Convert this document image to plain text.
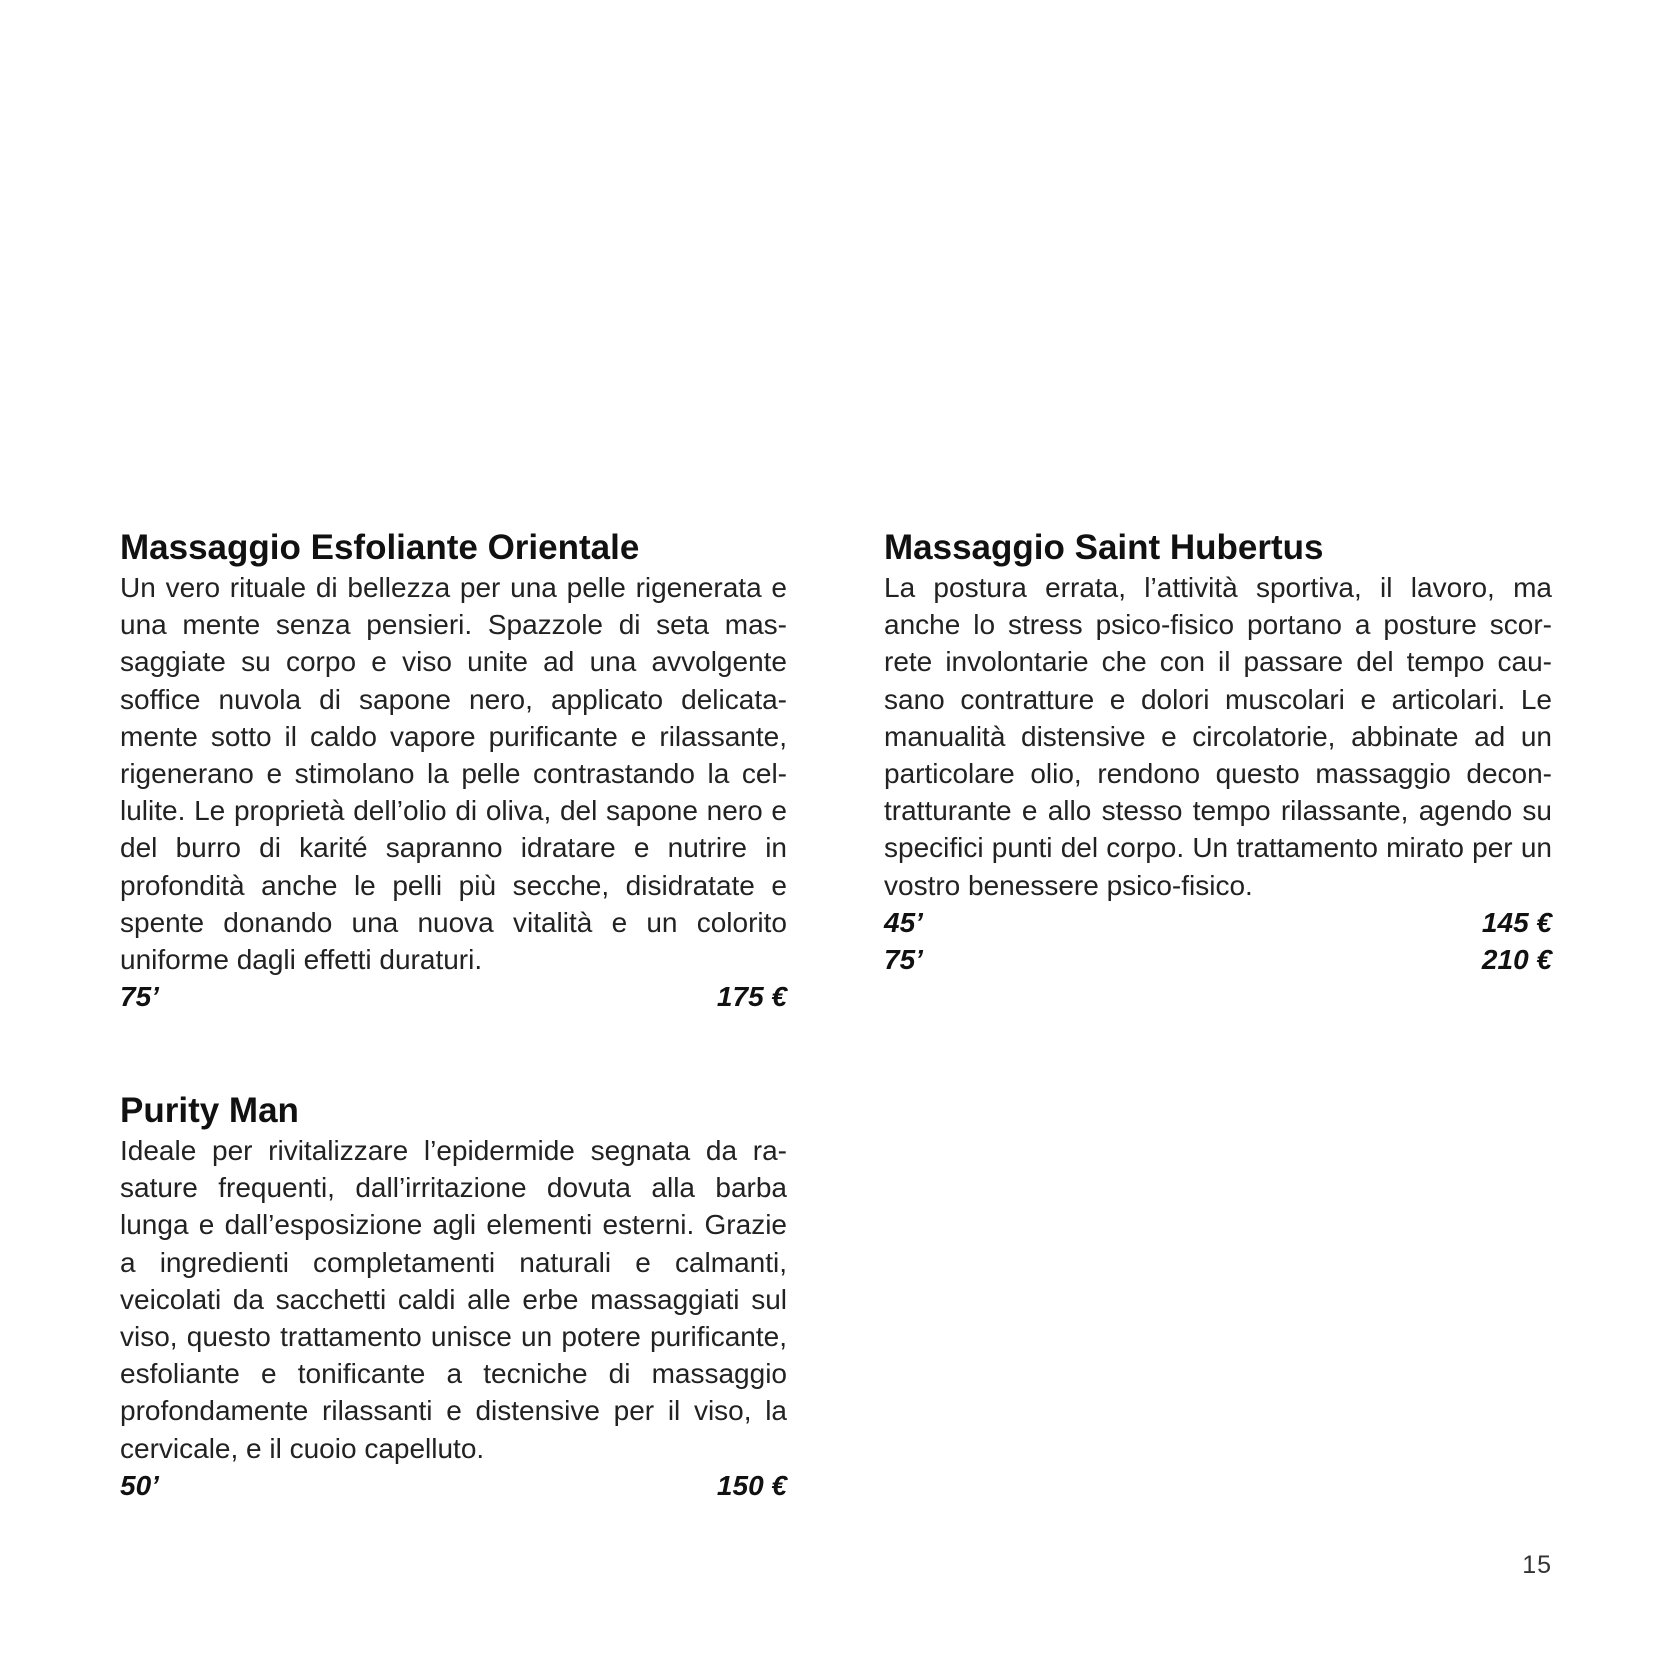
Massaggio Esfoliante Orientale

Un vero rituale di bellezza per una pelle rigenerata e una mente senza pensieri. Spazzole di seta massaggiate su corpo e viso unite ad una avvolgente soffice nuvola di sapone nero, applicato delicatamente sotto il caldo vapore purificante e rilassante, rigenerano e stimolano la pelle contrastando la cellulite. Le proprietà dell’olio di oliva, del sapone nero e del burro di karité sapranno idratare e nutrire in profondità anche le pelli più secche, disidratate e spente donando una nuova vitalità e un colorito uniforme dagli effetti duraturi.

75’	175 €
Massaggio Saint Hubertus

La postura errata, l’attività sportiva, il lavoro, ma anche lo stress psico-fisico portano a posture scorrete involontarie che con il passare del tempo causano contratture e dolori muscolari e articolari. Le manualità distensive e circolatorie, abbinate ad un particolare olio, rendono questo massaggio decontratturante e allo stesso tempo rilassante, agendo su specifici punti del corpo. Un trattamento mirato per un vostro benessere psico-fisico.

45’	145 €
75’	210 €
Purity Man

Ideale per rivitalizzare l’epidermide segnata da rasature frequenti, dall’irritazione dovuta alla barba lunga e dall’esposizione agli elementi esterni. Grazie a ingredienti completamenti naturali e calmanti, veicolati da sacchetti caldi alle erbe massaggiati sul viso, questo trattamento unisce un potere purificante, esfoliante e tonificante a tecniche di massaggio profondamente rilassanti e distensive per il viso, la cervicale, e il cuoio capelluto.

50’	150 €
15
